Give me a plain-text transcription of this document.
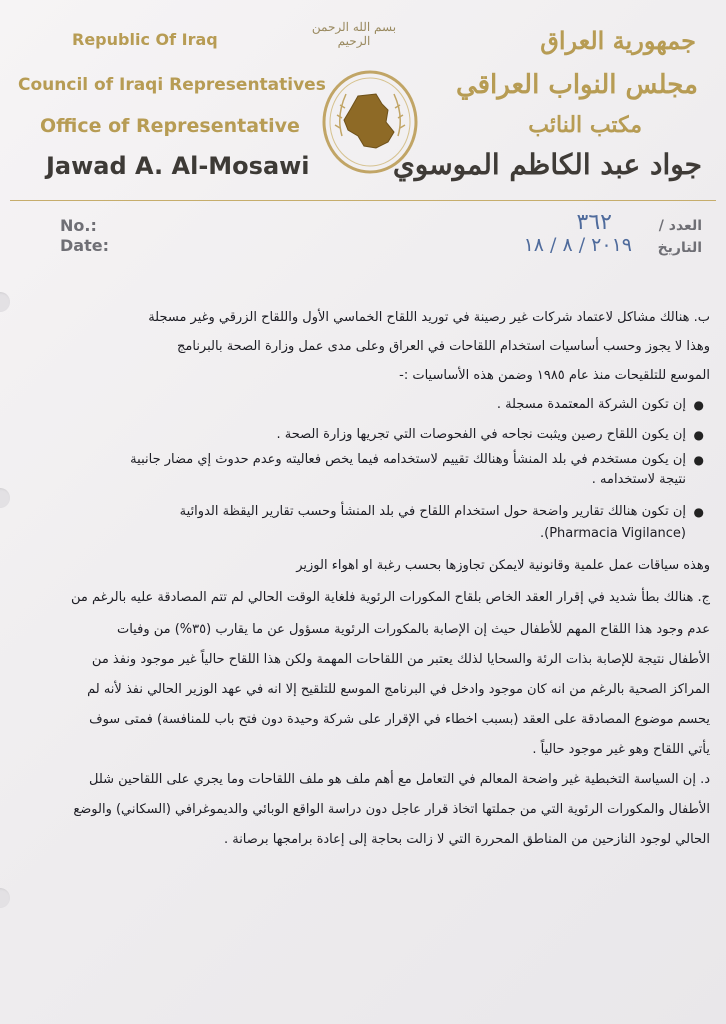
Republic Of Iraq
Council of Iraqi Representatives
Office of Representative
Jawad A. Al-Mosawi
بسم الله الرحمن الرحيم	جمهورية العراق
مجلس النواب العراقي
مكتب النائب
جواد عبد الكاظم الموسوي
No.:
Date:
العدد /
التاريخ
٣٦٢
٢٠١٩ / ٨ / ١٨
ب. هنالك مشاكل لاعتماد شركات غير رصينة في توريد اللقاح الخماسي الأول واللقاح الزرقي وغير مسجلة
وهذا لا يجوز وحسب أساسيات استخدام اللقاحات في العراق وعلى مدى عمل وزارة الصحة بالبرنامج
الموسع للتلقيحات منذ عام ١٩٨٥ وضمن هذه الأساسيات :-
●
إن تكون الشركة المعتمدة مسجلة .
●
إن يكون اللقاح رصين ويثبت نجاحه في الفحوصات التي تجريها وزارة الصحة .
●
إن يكون مستخدم في بلد المنشأ وهنالك تقييم لاستخدامه فيما يخص فعاليته وعدم حدوث إي مضار جانبية
نتيجة لاستخدامه .
●
إن تكون هنالك تقارير واضحة حول استخدام اللقاح في بلد المنشأ وحسب تقارير اليقظة الدوائية
(Pharmacia Vigilance).
وهذه سياقات عمل علمية وقانونية لايمكن تجاوزها بحسب رغبة او اهواء الوزير
ج. هنالك بطأ شديد في إقرار العقد الخاص بلقاح المكورات الرئوية فلغاية الوقت الحالي لم تتم المصادقة عليه بالرغم من
عدم وجود هذا اللقاح المهم للأطفال حيث إن الإصابة بالمكورات الرئوية مسؤول عن ما يقارب (٣٥%) من وفيات
الأطفال نتيجة للإصابة بذات الرئة والسحايا لذلك يعتبر من اللقاحات المهمة ولكن هذا اللقاح حالياً غير موجود ونفذ من
المراكز الصحية بالرغم من انه كان موجود وادخل في البرنامج الموسع للتلقيح إلا انه في عهد الوزير الحالي نفذ لأنه لم
يحسم موضوع المصادقة على العقد (بسبب اخطاء في الإقرار على شركة وحيدة دون فتح باب للمنافسة) فمتى سوف
يأتي اللقاح وهو غير موجود حالياً .
د. إن السياسة التخبطية غير واضحة المعالم في التعامل مع أهم ملف هو ملف اللقاحات وما يجري على اللقاحين شلل
الأطفال والمكورات الرئوية التي من جملتها اتخاذ قرار عاجل دون دراسة الواقع الوبائي والديموغرافي (السكاني) والوضع
الحالي لوجود النازحين من المناطق المحررة التي لا زالت بحاجة إلى إعادة برامجها برصانة .
